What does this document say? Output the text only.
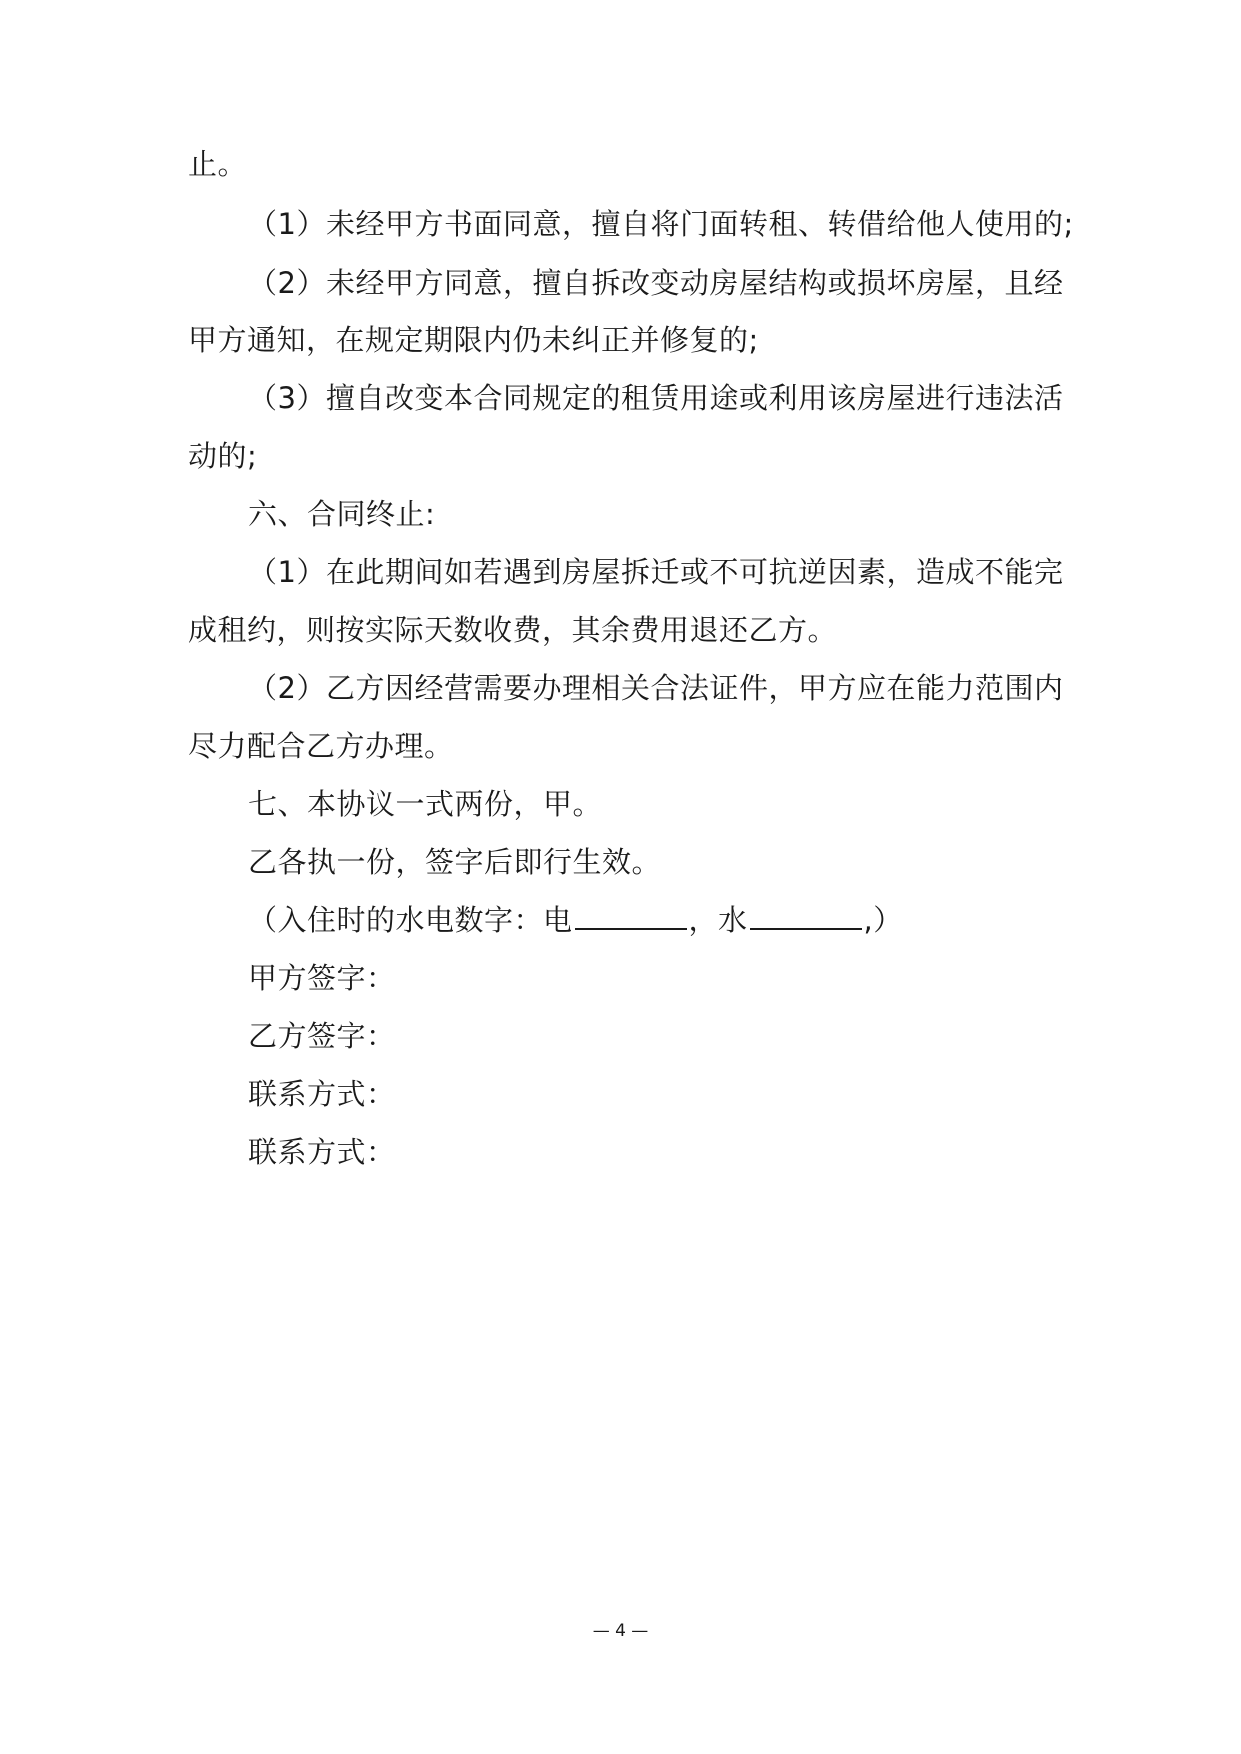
止。
（1）未经甲方书面同意，擅自将门面转租、转借给他人使用的;
（2）未经甲方同意，擅自拆改变动房屋结构或损坏房屋，且经
甲方通知，在规定期限内仍未纠正并修复的;
（3）擅自改变本合同规定的租赁用途或利用该房屋进行违法活
动的;
六、合同终止:
（1）在此期间如若遇到房屋拆迁或不可抗逆因素，造成不能完
成租约，则按实际天数收费，其余费用退还乙方。
（2）乙方因经营需要办理相关合法证件，甲方应在能力范围内
尽力配合乙方办理。
七、本协议一式两份，甲。
乙各执一份，签字后即行生效。
（入住时的水电数字：电	，水	,）
甲方签字：
乙方签字：
联系方式：
联系方式：
— 4 —
